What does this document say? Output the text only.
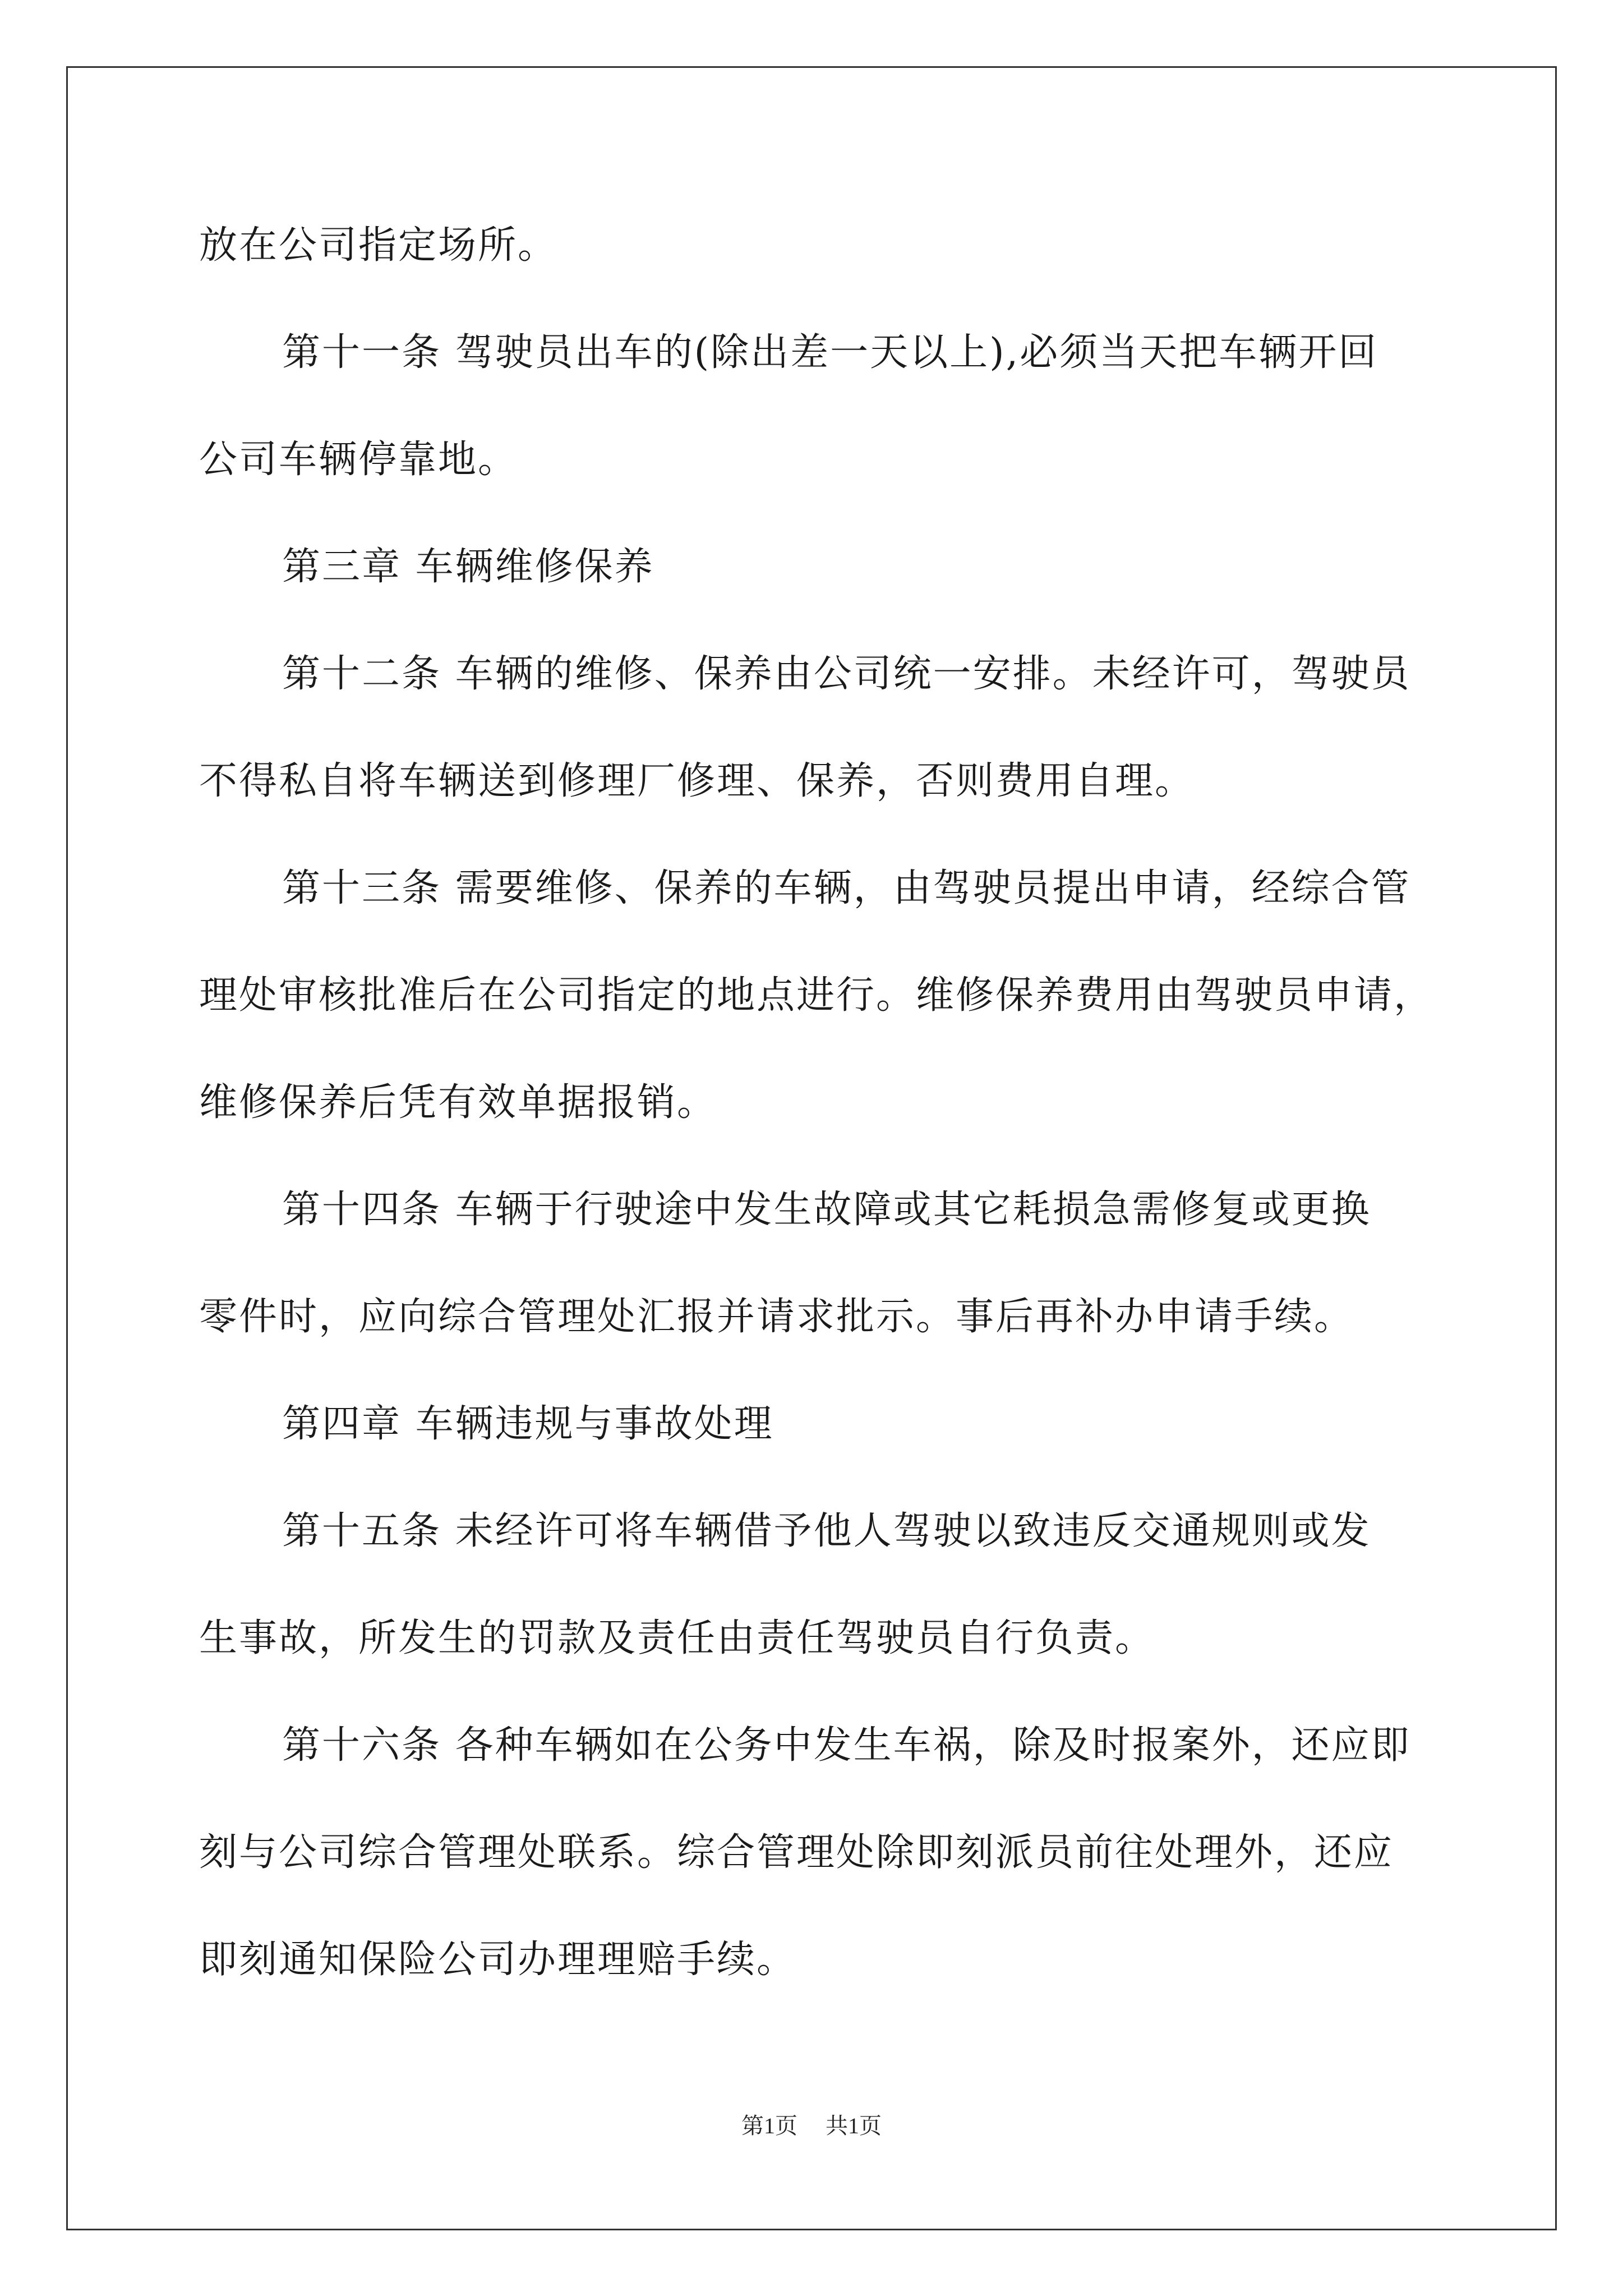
放在公司指定场所。
第十一条 驾驶员出车的(除出差一天以上),必须当天把车辆开回
公司车辆停靠地。
第三章 车辆维修保养
第十二条 车辆的维修、保养由公司统一安排。未经许可，驾驶员
不得私自将车辆送到修理厂修理、保养，否则费用自理。
第十三条 需要维修、保养的车辆，由驾驶员提出申请，经综合管
理处审核批准后在公司指定的地点进行。维修保养费用由驾驶员申请，
维修保养后凭有效单据报销。
第十四条 车辆于行驶途中发生故障或其它耗损急需修复或更换
零件时，应向综合管理处汇报并请求批示。事后再补办申请手续。
第四章 车辆违规与事故处理
第十五条 未经许可将车辆借予他人驾驶以致违反交通规则或发
生事故，所发生的罚款及责任由责任驾驶员自行负责。
第十六条 各种车辆如在公务中发生车祸，除及时报案外，还应即
刻与公司综合管理处联系。综合管理处除即刻派员前往处理外，还应
即刻通知保险公司办理理赔手续。
第1页 共1页
